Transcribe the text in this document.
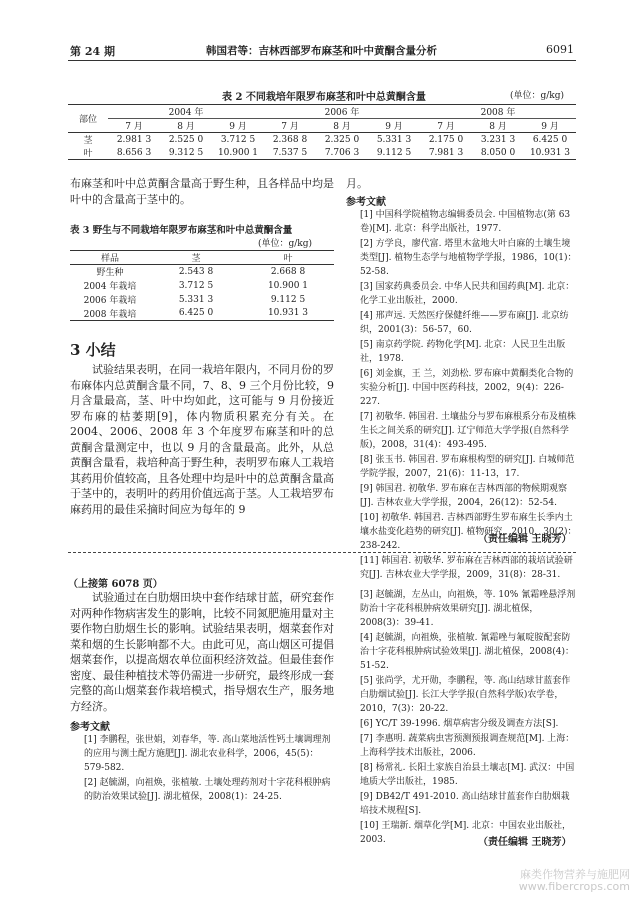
第 24 期	韩国君等：吉林西部罗布麻茎和叶中黄酮含量分析	6091
表 2 不同栽培年限罗布麻茎和叶中总黄酮含量	(单位：g/kg)
部位	2004 年			2006 年			2008 年		
	7 月	8 月	9 月	7 月	8 月	9 月	7 月	8 月	9 月
茎	2.981 3	2.525 0	3.712 5	2.368 8	2.325 0	5.331 3	2.175 0	3.231 3	6.425 0
叶	8.656 3	9.312 5	10.900 1	7.537 5	7.706 3	9.112 5	7.981 3	8.050 0	10.931 3
布麻茎和叶中总黄酮含量高于野生种，且各样品中均是叶中的含量高于茎中的。
表 3 野生与不同栽培年限罗布麻茎和叶中总黄酮含量
(单位：g/kg)
样品	茎	叶
野生种	2.543 8	2.668 8
2004 年栽培	3.712 5	10.900 1
2006 年栽培	5.331 3	9.112 5
2008 年栽培	6.425 0	10.931 3
3 小结
试验结果表明，在同一栽培年限内，不同月份的罗布麻体内总黄酮含量不同，7、8、9 三个月份比较，9 月含量最高，茎、叶中均如此，这可能与 9 月份接近罗布麻的枯萎期[9]，体内物质积累充分有关。在 2004、2006、2008 年 3 个年度罗布麻茎和叶的总黄酮含量测定中，也以 9 月的含量最高。此外，从总黄酮含量看，栽培种高于野生种，表明罗布麻人工栽培其药用价值较高，且各处理中均是叶中的总黄酮含量高于茎中的，表明叶的药用价值远高于茎。人工栽培罗布麻药用的最佳采摘时间应为每年的 9
月。
参考文献
[1] 中国科学院植物志编辑委员会. 中国植物志(第 63 卷)[M]. 北京：科学出版社，1977.
[2] 方学良，廖代富. 塔里木盆地大叶白麻的土壤生境类型[J]. 植物生态学与地植物学学报，1986，10(1)：52-58.
[3] 国家药典委员会. 中华人民共和国药典[M]. 北京：化学工业出版社，2000.
[4] 邢声远. 天然医疗保健纤维——罗布麻[J]. 北京纺织，2001(3)：56-57，60.
[5] 南京药学院. 药物化学[M]. 北京：人民卫生出版社，1978.
[6] 刘金旗，王 兰，刘劲松. 罗布麻中黄酮类化合物的实验分析[J]. 中国中医药科技，2002，9(4)：226-227.
[7] 初敬华. 韩国君. 土壤盐分与罗布麻根系分布及植株生长之间关系的研究[J]. 辽宁师范大学学报(自然科学版)，2008，31(4)：493-495.
[8] 张玉书. 韩国君. 罗布麻根构型的研究[J]. 白城师范学院学报，2007，21(6)：11-13，17.
[9] 韩国君. 初敬华. 罗布麻在吉林西部的物候期观察[J]. 吉林农业大学学报，2004，26(12)：52-54.
[10] 初敬华. 韩国君. 吉林西部野生罗布麻生长季内土壤水盐变化趋势的研究[J]. 植物研究，2010，30(2)：238-242.
[11] 韩国君. 初敬华. 罗布麻在吉林西部的栽培试验研究[J]. 吉林农业大学学报，2009，31(8)：28-31.
（责任编辑 王晓芳）
（上接第 6078 页）
试验通过在白肋烟田块中套作结球甘蓝，研究套作对两种作物病害发生的影响，比较不同氮肥施用量对主要作物白肋烟生长的影响。试验结果表明，烟菜套作对菜和烟的生长影响都不大。由此可见，高山烟区可提倡烟菜套作，以提高烟农单位面积经济效益。但最佳套作密度、最佳种植技术等仍需进一步研究，最终形成一套完整的高山烟菜套作栽培模式，指导烟农生产，服务地方经济。
参考文献
[1] 李鹏程，张世娟，刘春华，等. 高山菜地活性钙土壤调理剂的应用与测土配方施肥[J]. 湖北农业科学，2006，45(5)：579-582.
[2] 赵毓湖，向祖焕，张植敏. 土壤处理药剂对十字花科根肿病的防治效果试验[J]. 湖北植保，2008(1)：24-25.
[3] 赵毓湖，左丛山，向祖焕，等. 10% 氰霜唑悬浮剂防治十字花科根肿病效果研究[J]. 湖北植保，2008(3)：39-41.
[4] 赵毓湖，向祖焕，张植敏. 氰霜唑与氟啶胺配套防治十字花科根肿病试验效果[J]. 湖北植保，2008(4)：51-52.
[5] 张尚学，尤开勋，李鹏程，等. 高山结球甘蓝套作白肋烟试验[J]. 长江大学学报(自然科学版)农学卷，2010，7(3)：20-22.
[6] YC/T 39-1996. 烟草病害分级及调查方法[S].
[7] 李惠明. 蔬菜病虫害预测预报调查规范[M]. 上海：上海科学技术出版社，2006.
[8] 杨常礼. 长阳土家族自治县土壤志[M]. 武汉：中国地质大学出版社，1985.
[9] DB42/T 491-2010. 高山结球甘蓝套作白肋烟栽培技术规程[S].
[10] 王瑞新. 烟草化学[M]. 北京：中国农业出版社，2003.	（责任编辑 王晓芳）
麻类作物营养与施肥网
www.fibercrops.com
